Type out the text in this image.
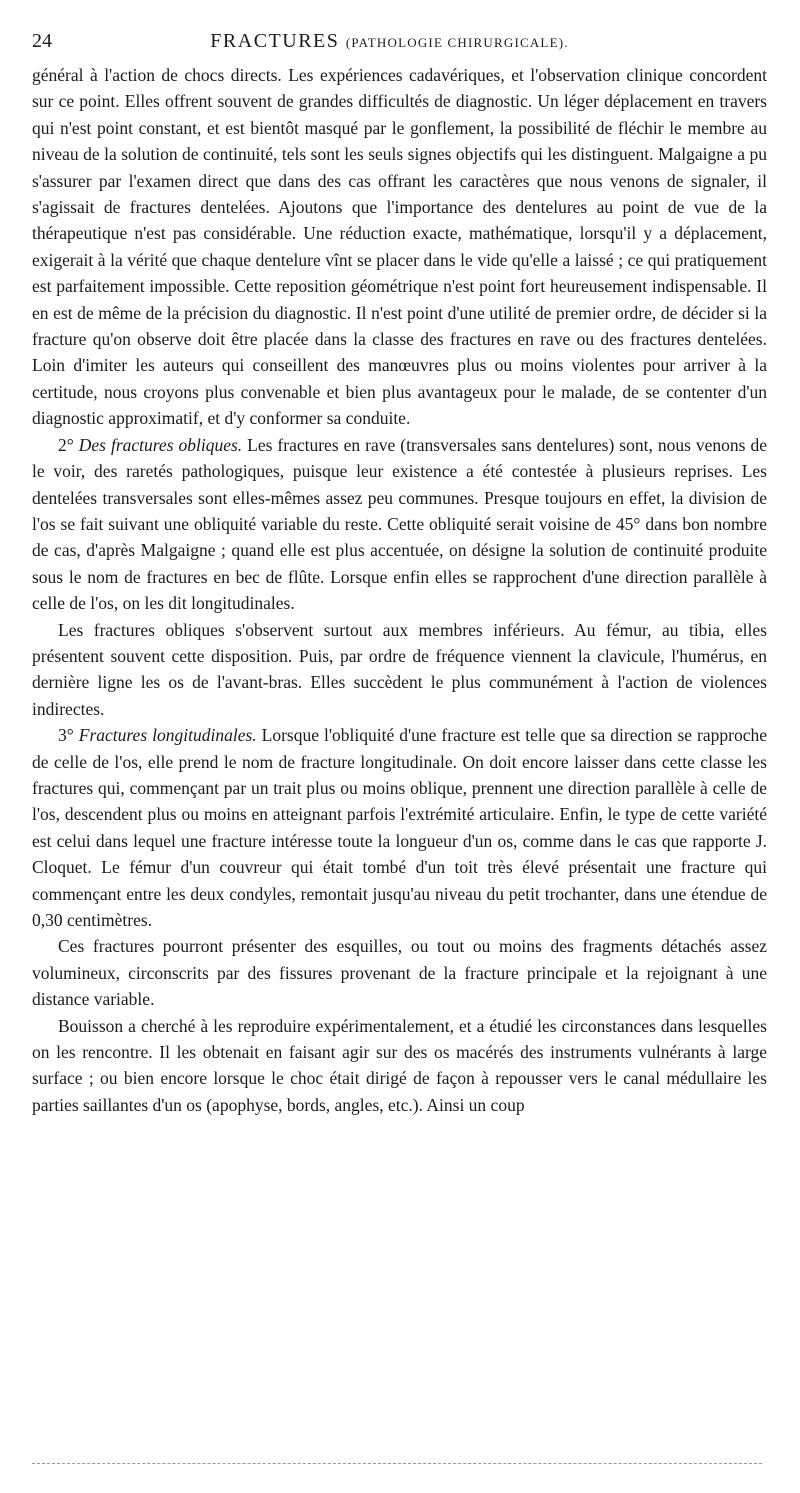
24	FRACTURES (PATHOLOGIE CHIRURGICALE).

général à l'action de chocs directs. Les expériences cadavériques, et l'observation clinique concordent sur ce point. Elles offrent souvent de grandes difficultés de diagnostic. Un léger déplacement en travers qui n'est point constant, et est bientôt masqué par le gonflement, la possibilité de fléchir le membre au niveau de la solution de continuité, tels sont les seuls signes objectifs qui les distinguent. Malgaigne a pu s'assurer par l'examen direct que dans des cas offrant les caractères que nous venons de signaler, il s'agissait de fractures dentelées. Ajoutons que l'importance des dentelures au point de vue de la thérapeutique n'est pas considérable. Une réduction exacte, mathématique, lorsqu'il y a déplacement, exigerait à la vérité que chaque dentelure vînt se placer dans le vide qu'elle a laissé ; ce qui pratiquement est parfaitement impossible. Cette reposition géométrique n'est point fort heureusement indispensable. Il en est de même de la précision du diagnostic. Il n'est point d'une utilité de premier ordre, de décider si la fracture qu'on observe doit être placée dans la classe des fractures en rave ou des fractures dentelées. Loin d'imiter les auteurs qui conseillent des manœuvres plus ou moins violentes pour arriver à la certitude, nous croyons plus convenable et bien plus avantageux pour le malade, de se contenter d'un diagnostic approximatif, et d'y conformer sa conduite.

2° Des fractures obliques. Les fractures en rave (transversales sans dentelures) sont, nous venons de le voir, des raretés pathologiques, puisque leur existence a été contestée à plusieurs reprises. Les dentelées transversales sont elles-mêmes assez peu communes. Presque toujours en effet, la division de l'os se fait suivant une obliquité variable du reste. Cette obliquité serait voisine de 45° dans bon nombre de cas, d'après Malgaigne ; quand elle est plus accentuée, on désigne la solution de continuité produite sous le nom de fractures en bec de flûte. Lorsque enfin elles se rapprochent d'une direction parallèle à celle de l'os, on les dit longitudinales.

Les fractures obliques s'observent surtout aux membres inférieurs. Au fémur, au tibia, elles présentent souvent cette disposition. Puis, par ordre de fréquence viennent la clavicule, l'humérus, en dernière ligne les os de l'avant-bras. Elles succèdent le plus communément à l'action de violences indirectes.

3° Fractures longitudinales. Lorsque l'obliquité d'une fracture est telle que sa direction se rapproche de celle de l'os, elle prend le nom de fracture longitudinale. On doit encore laisser dans cette classe les fractures qui, commençant par un trait plus ou moins oblique, prennent une direction parallèle à celle de l'os, descendent plus ou moins en atteignant parfois l'extrémité articulaire. Enfin, le type de cette variété est celui dans lequel une fracture intéresse toute la longueur d'un os, comme dans le cas que rapporte J. Cloquet. Le fémur d'un couvreur qui était tombé d'un toit très élevé présentait une fracture qui commençant entre les deux condyles, remontait jusqu'au niveau du petit trochanter, dans une étendue de 0,30 centimètres.

Ces fractures pourront présenter des esquilles, ou tout ou moins des fragments détachés assez volumineux, circonscrits par des fissures provenant de la fracture principale et la rejoignant à une distance variable.

Bouisson a cherché à les reproduire expérimentalement, et a étudié les circonstances dans lesquelles on les rencontre. Il les obtenait en faisant agir sur des os macérés des instruments vulnérants à large surface ; ou bien encore lorsque le choc était dirigé de façon à repousser vers le canal médullaire les parties saillantes d'un os (apophyse, bords, angles, etc.). Ainsi un coup
